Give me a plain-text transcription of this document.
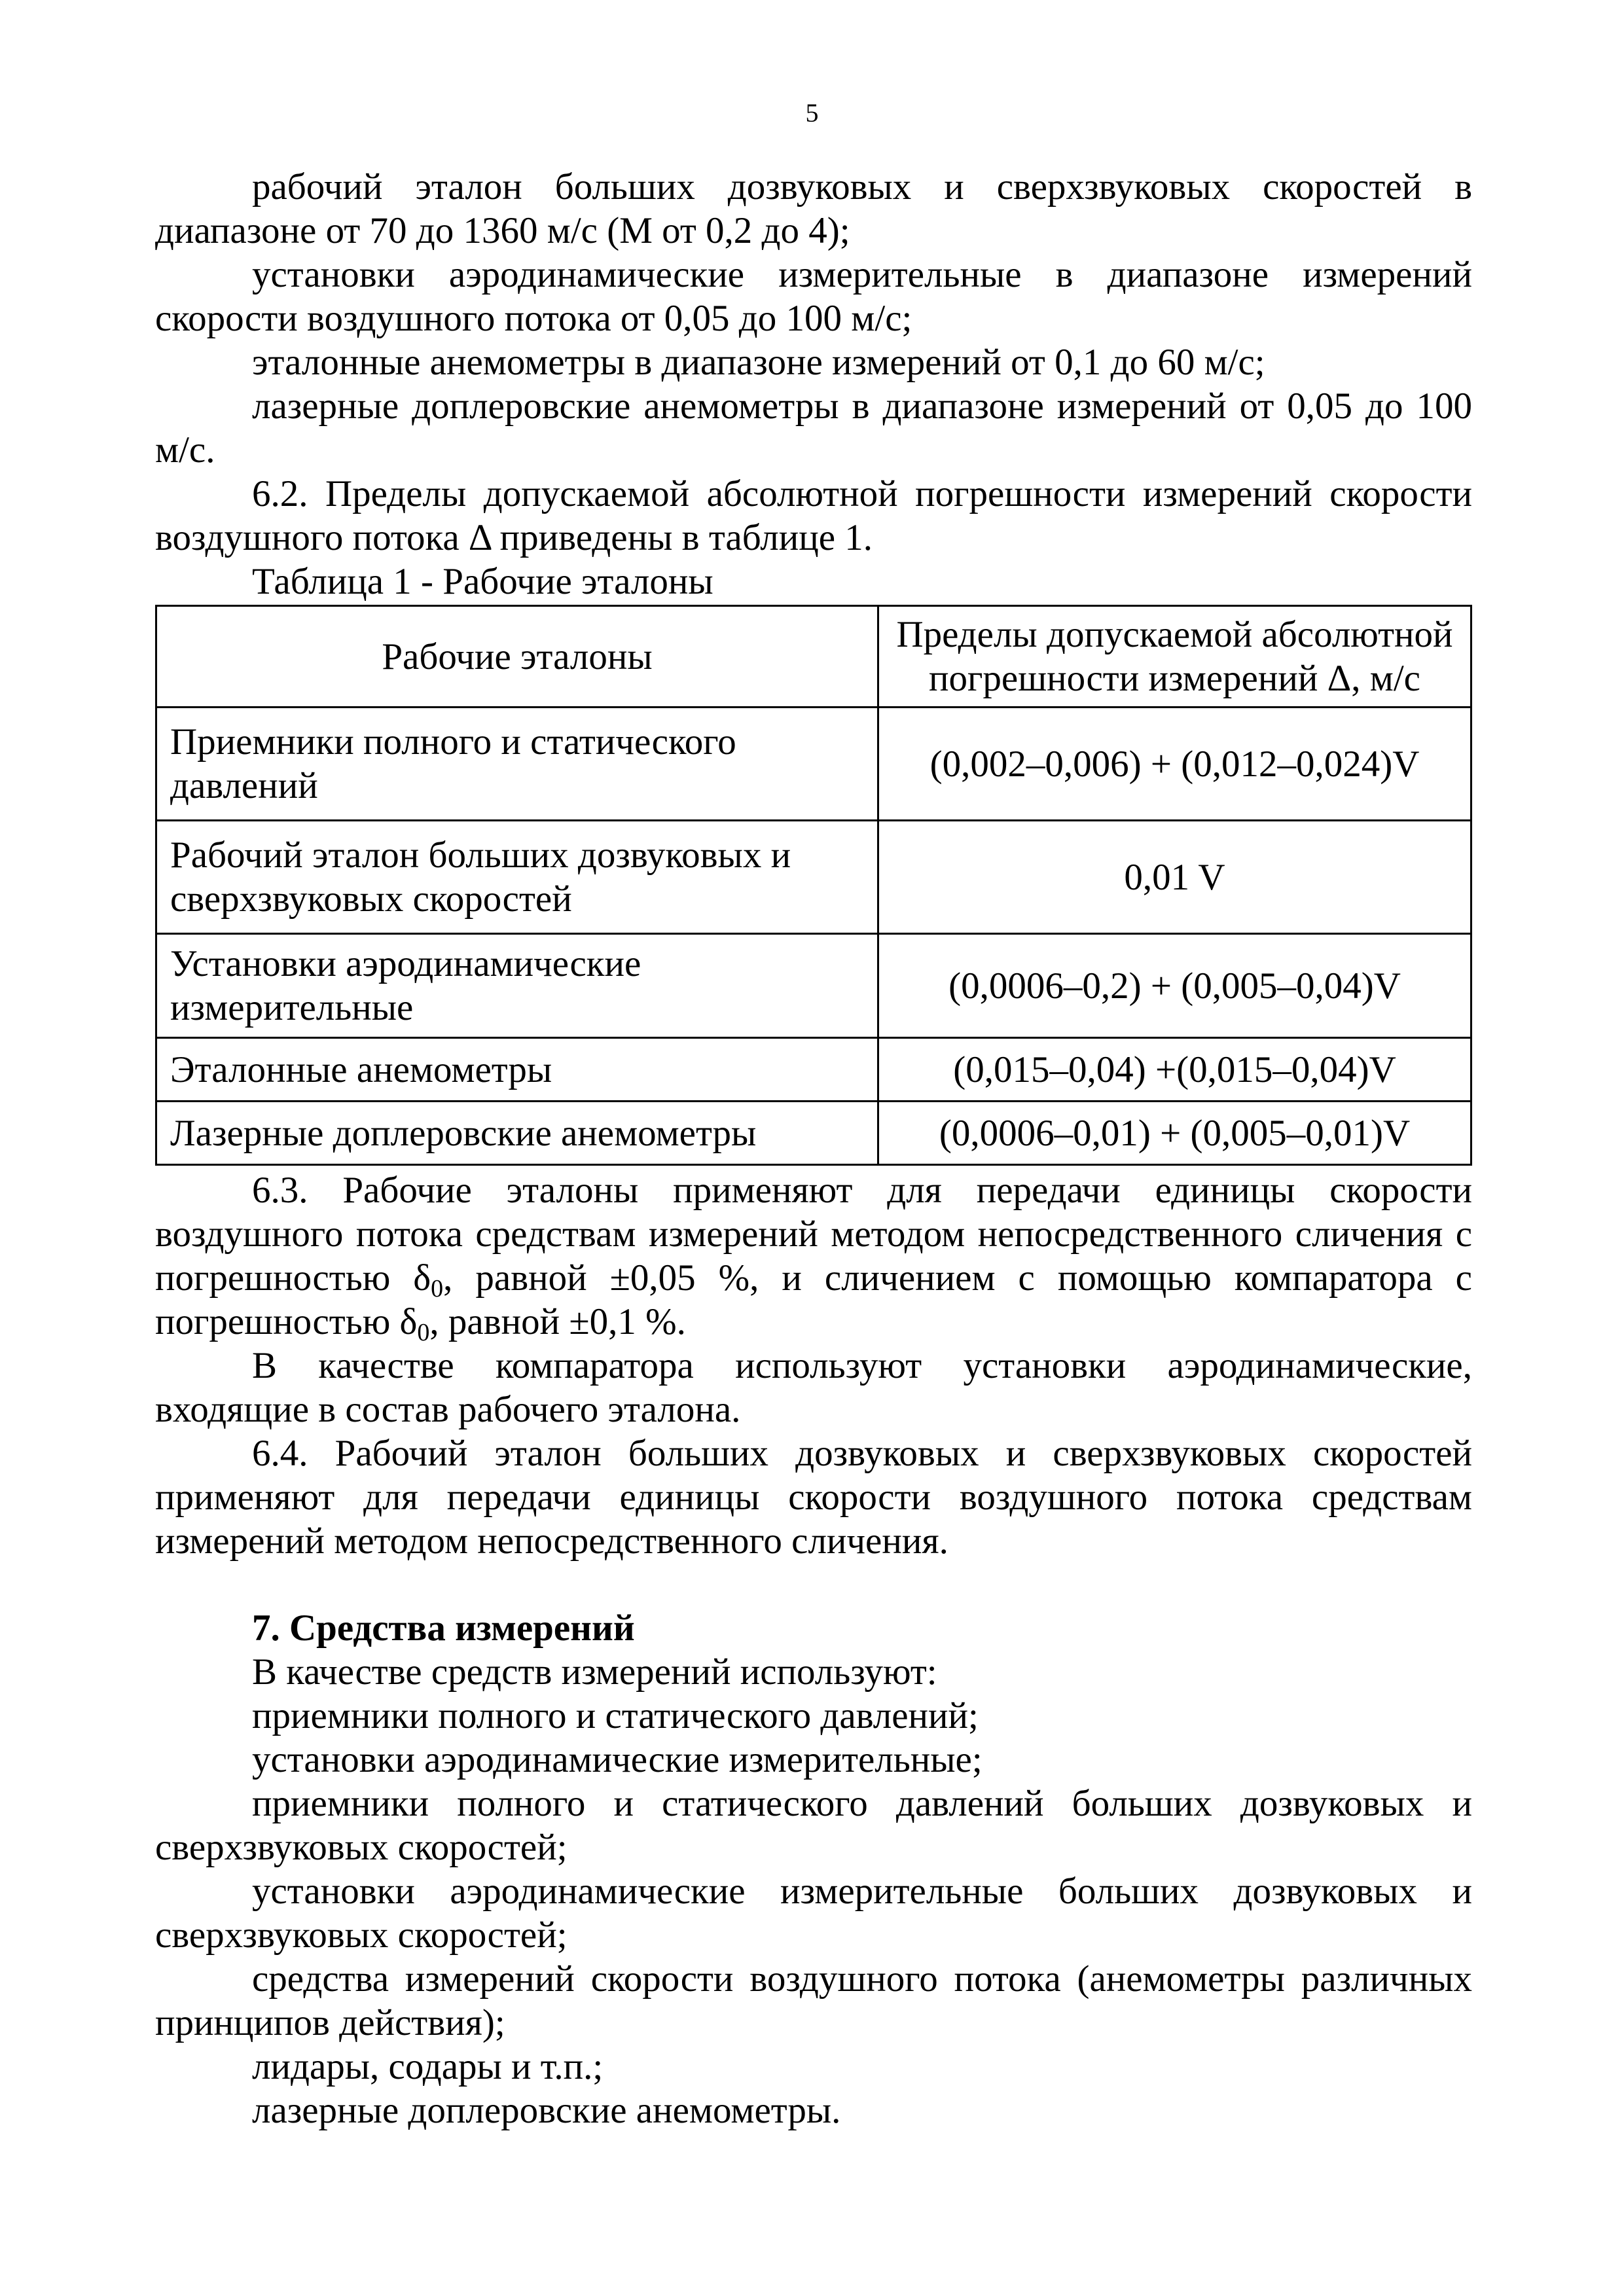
5

рабочий эталон больших дозвуковых и сверхзвуковых скоростей в диапазоне от 70 до 1360 м/с (М от 0,2 до 4);

установки аэродинамические измерительные в диапазоне измерений скорости воздушного потока от 0,05 до 100 м/с;

эталонные анемометры в диапазоне измерений от 0,1 до 60 м/с;

лазерные доплеровские анемометры в диапазоне измерений от 0,05 до 100 м/с.

6.2. Пределы допускаемой абсолютной погрешности измерений скорости воздушного потока Δ приведены в таблице 1.

Таблица 1 - Рабочие эталоны

Рабочие эталоны	Пределы допускаемой абсолютной погрешности измерений Δ, м/с
Приемники полного и статического давлений	(0,002–0,006) + (0,012–0,024)V
Рабочий эталон больших дозвуковых и сверхзвуковых скоростей	0,01 V
Установки аэродинамические измерительные	(0,0006–0,2) + (0,005–0,04)V
Эталонные анемометры	(0,015–0,04) +(0,015–0,04)V
Лазерные доплеровские анемометры	(0,0006–0,01) + (0,005–0,01)V

6.3. Рабочие эталоны применяют для передачи единицы скорости воздушного потока средствам измерений методом непосредственного сличения с погрешностью $\delta_0$, равной ±0,05 %, и сличением с помощью компаратора с погрешностью $\delta_0$, равной ±0,1 %.

В качестве компаратора используют установки аэродинамические, входящие в состав рабочего эталона.

6.4. Рабочий эталон больших дозвуковых и сверхзвуковых скоростей применяют для передачи единицы скорости воздушного потока средствам измерений методом непосредственного сличения.

7. Средства измерений

В качестве средств измерений используют:

приемники полного и статического давлений;

установки аэродинамические измерительные;

приемники полного и статического давлений больших дозвуковых и сверхзвуковых скоростей;

установки аэродинамические измерительные больших дозвуковых и сверхзвуковых скоростей;

средства измерений скорости воздушного потока (анемометры различных принципов действия);

лидары, содары и т.п.;

лазерные доплеровские анемометры.
